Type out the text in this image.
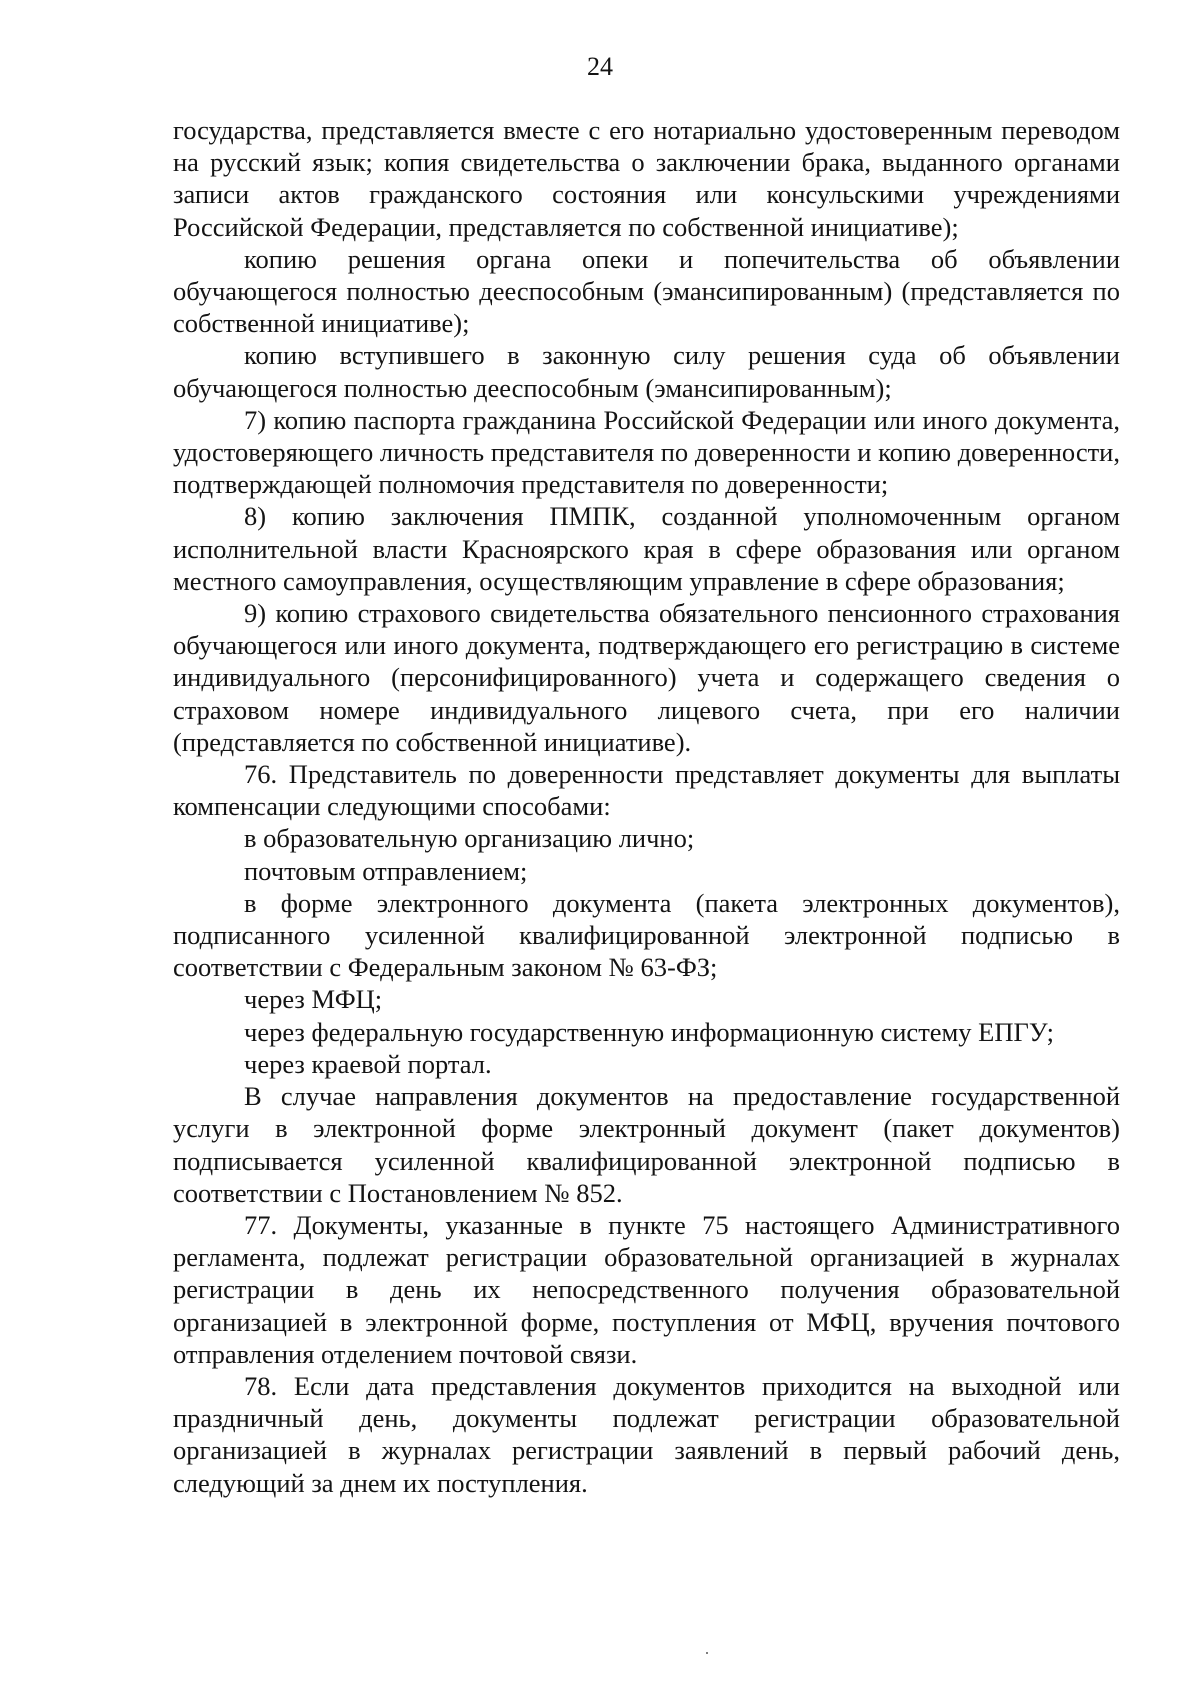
24

государства, представляется вместе с его нотариально удостоверенным переводом на русский язык; копия свидетельства о заключении брака, выданного органами записи актов гражданского состояния или консульскими учреждениями Российской Федерации, представляется по собственной инициативе);

копию решения органа опеки и попечительства об объявлении обучающегося полностью дееспособным (эмансипированным) (представляется по собственной инициативе);

копию вступившего в законную силу решения суда об объявлении обучающегося полностью дееспособным (эмансипированным);

7) копию паспорта гражданина Российской Федерации или иного документа, удостоверяющего личность представителя по доверенности и копию доверенности, подтверждающей полномочия представителя по доверенности;

8) копию заключения ПМПК, созданной уполномоченным органом исполнительной власти Красноярского края в сфере образования или органом местного самоуправления, осуществляющим управление в сфере образования;

9) копию страхового свидетельства обязательного пенсионного страхования обучающегося или иного документа, подтверждающего его регистрацию в системе индивидуального (персонифицированного) учета и содержащего сведения о страховом номере индивидуального лицевого счета, при его наличии (представляется по собственной инициативе).

76. Представитель по доверенности представляет документы для выплаты компенсации следующими способами:

в образовательную организацию лично;

почтовым отправлением;

в форме электронного документа (пакета электронных документов), подписанного усиленной квалифицированной электронной подписью в соответствии с Федеральным законом № 63-ФЗ;

через МФЦ;

через федеральную государственную информационную систему ЕПГУ;

через краевой портал.

В случае направления документов на предоставление государственной услуги в электронной форме электронный документ (пакет документов) подписывается усиленной квалифицированной электронной подписью в соответствии с Постановлением № 852.

77. Документы, указанные в пункте 75 настоящего Административного регламента, подлежат регистрации образовательной организацией в журналах регистрации в день их непосредственного получения образовательной организацией в электронной форме, поступления от МФЦ, вручения почтового отправления отделением почтовой связи.

78. Если дата представления документов приходится на выходной или праздничный день, документы подлежат регистрации образовательной организацией в журналах регистрации заявлений в первый рабочий день, следующий за днем их поступления.
